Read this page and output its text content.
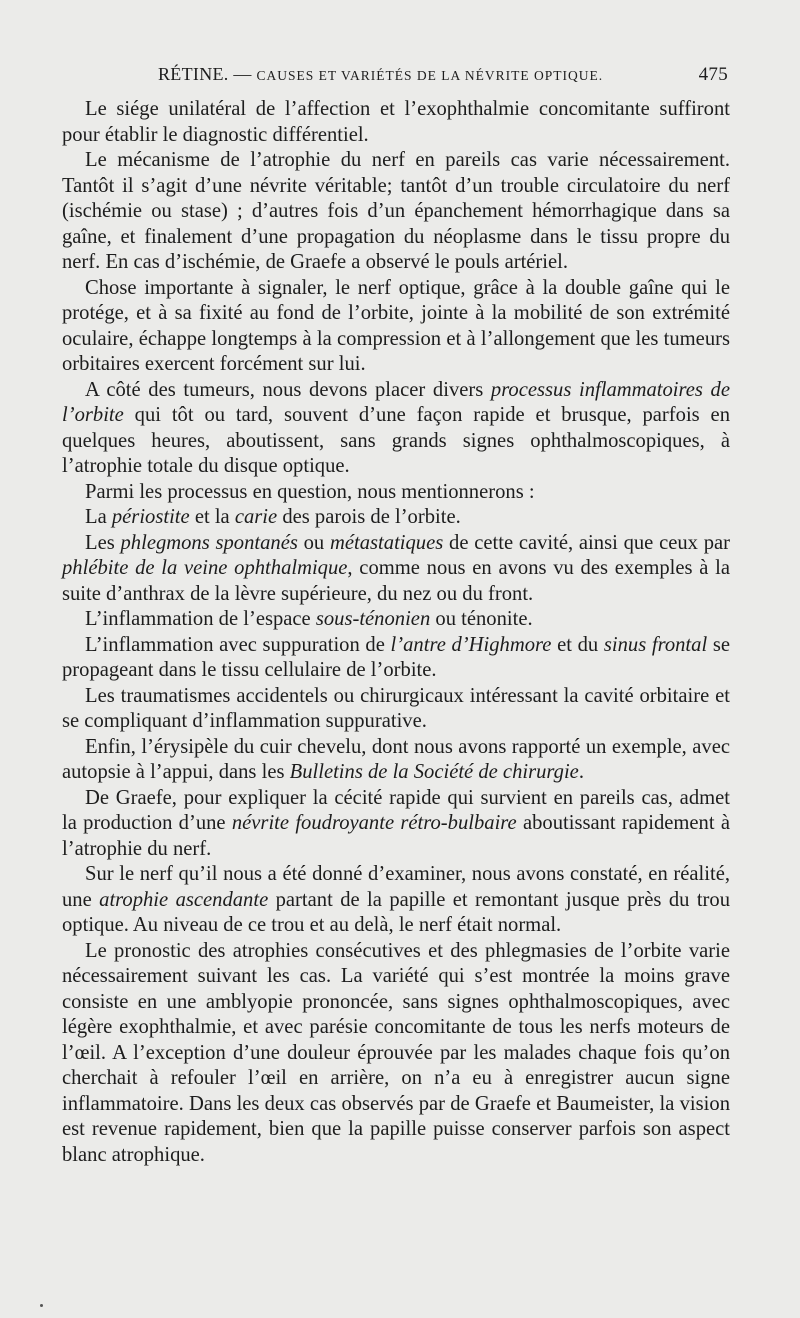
RÉTINE. — CAUSES ET VARIÉTÉS DE LA NÉVRITE OPTIQUE.	475

Le siége unilatéral de l’affection et l’exophthalmie concomitante suffiront pour établir le diagnostic différentiel.

Le mécanisme de l’atrophie du nerf en pareils cas varie nécessairement. Tantôt il s’agit d’une névrite véritable; tantôt d’un trouble circulatoire du nerf (ischémie ou stase) ; d’autres fois d’un épanchement hémorrhagique dans sa gaîne, et finalement d’une propagation du néoplasme dans le tissu propre du nerf. En cas d’ischémie, de Graefe a observé le pouls artériel.

Chose importante à signaler, le nerf optique, grâce à la double gaîne qui le protége, et à sa fixité au fond de l’orbite, jointe à la mobilité de son extrémité oculaire, échappe longtemps à la compression et à l’allongement que les tumeurs orbitaires exercent forcément sur lui.

A côté des tumeurs, nous devons placer divers processus inflammatoires de l’orbite qui tôt ou tard, souvent d’une façon rapide et brusque, parfois en quelques heures, aboutissent, sans grands signes ophthalmoscopiques, à l’atrophie totale du disque optique.

Parmi les processus en question, nous mentionnerons :

La périostite et la carie des parois de l’orbite.

Les phlegmons spontanés ou métastatiques de cette cavité, ainsi que ceux par phlébite de la veine ophthalmique, comme nous en avons vu des exemples à la suite d’anthrax de la lèvre supérieure, du nez ou du front.

L’inflammation de l’espace sous-ténonien ou ténonite.

L’inflammation avec suppuration de l’antre d’Highmore et du sinus frontal se propageant dans le tissu cellulaire de l’orbite.

Les traumatismes accidentels ou chirurgicaux intéressant la cavité orbitaire et se compliquant d’inflammation suppurative.

Enfin, l’érysipèle du cuir chevelu, dont nous avons rapporté un exemple, avec autopsie à l’appui, dans les Bulletins de la Société de chirurgie.

De Graefe, pour expliquer la cécité rapide qui survient en pareils cas, admet la production d’une névrite foudroyante rétro-bulbaire aboutissant rapidement à l’atrophie du nerf.

Sur le nerf qu’il nous a été donné d’examiner, nous avons constaté, en réalité, une atrophie ascendante partant de la papille et remontant jusque près du trou optique. Au niveau de ce trou et au delà, le nerf était normal.

Le pronostic des atrophies consécutives et des phlegmasies de l’orbite varie nécessairement suivant les cas. La variété qui s’est montrée la moins grave consiste en une amblyopie prononcée, sans signes ophthalmoscopiques, avec légère exophthalmie, et avec parésie concomitante de tous les nerfs moteurs de l’œil. A l’exception d’une douleur éprouvée par les malades chaque fois qu’on cherchait à refouler l’œil en arrière, on n’a eu à enregistrer aucun signe inflammatoire. Dans les deux cas observés par de Graefe et Baumeister, la vision est revenue rapidement, bien que la papille puisse conserver parfois son aspect blanc atrophique.
